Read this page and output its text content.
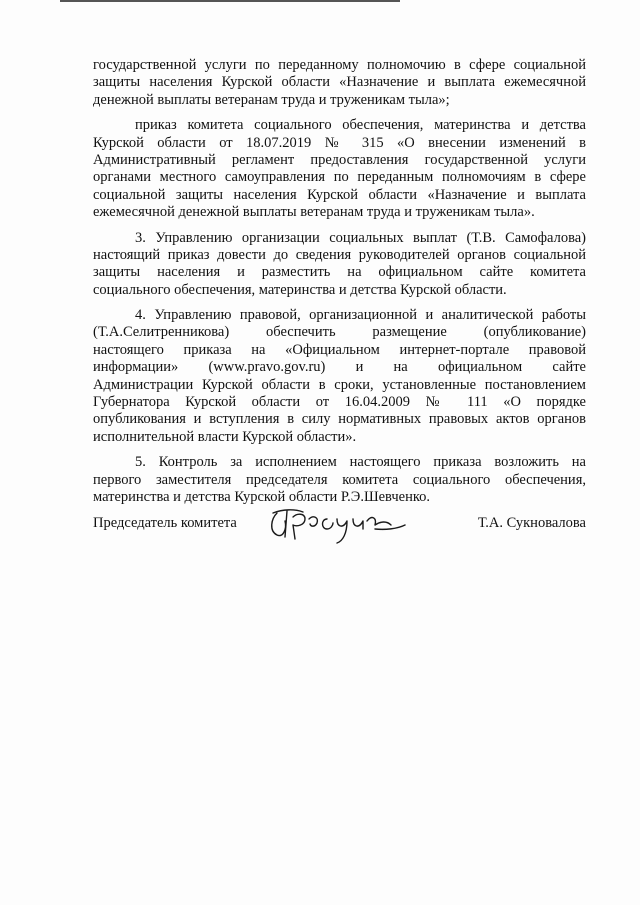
государственной услуги по переданному полномочию в сфере социальной
защиты населения Курской области «Назначение и выплата ежемесячной
денежной выплаты ветеранам труда и труженикам тыла»;
приказ комитета социального обеспечения, материнства и детства
Курской области от 18.07.2019 № 315 «О внесении изменений в
Административный регламент предоставления государственной услуги
органами местного самоуправления по переданным полномочиям в сфере
социальной защиты населения Курской области «Назначение и выплата
ежемесячной денежной выплаты ветеранам труда и труженикам тыла».
3. Управлению организации социальных выплат (Т.В. Самофалова)
настоящий приказ довести до сведения руководителей органов социальной
защиты населения и разместить на официальном сайте комитета
социального обеспечения, материнства и детства Курской области.
4. Управлению правовой, организационной и аналитической работы
(Т.А.Селитренникова) обеспечить размещение (опубликование)
настоящего приказа на «Официальном интернет-портале правовой
информации» (www.pravo.gov.ru) и на официальном сайте
Администрации Курской области в сроки, установленные постановлением
Губернатора Курской области от 16.04.2009 № 111 «О порядке
опубликования и вступления в силу нормативных правовых актов органов
исполнительной власти Курской области».
5. Контроль за исполнением настоящего приказа возложить на
первого заместителя председателя комитета социального обеспечения,
материнства и детства Курской области Р.Э.Шевченко.
Председатель комитета	Т.А. Сукновалова
